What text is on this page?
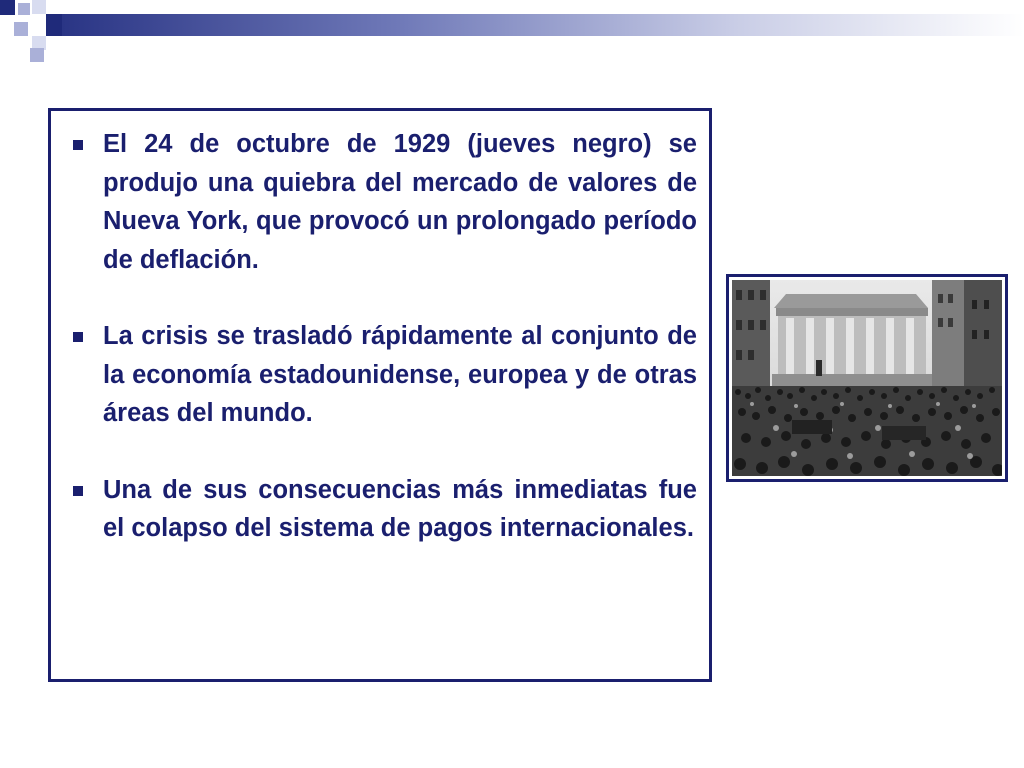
El 24 de octubre de 1929 (jueves negro) se produjo una quiebra del mercado de valores de Nueva York, que provocó un prolongado período de deflación.
La crisis se trasladó rápidamente al conjunto de la economía estadounidense, europea y de otras áreas del mundo.
Una de sus consecuencias más inmediatas fue el colapso del sistema de pagos internacionales.
